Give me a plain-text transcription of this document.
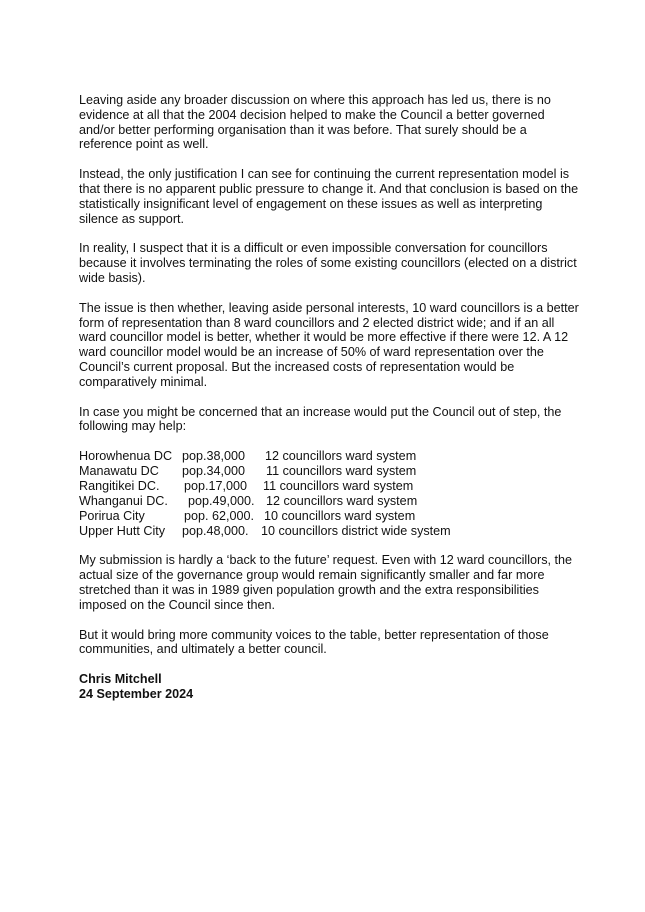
Leaving aside any broader discussion on where this approach has led us, there is no evidence at all that the 2004 decision helped to make the Council a better governed and/or better performing organisation than it was before. That surely should be a reference point as well.

Instead, the only justification I can see for continuing the current representation model is that there is no apparent public pressure to change it. And that conclusion is based on the statistically insignificant level of engagement on these issues as well as interpreting silence as support.

In reality, I suspect that it is a difficult or even impossible conversation for councillors because it involves terminating the roles of some existing councillors (elected on a district wide basis).

The issue is then whether, leaving aside personal interests, 10 ward councillors is a better form of representation than 8 ward councillors and 2 elected district wide; and if an all ward councillor model is better, whether it would be more effective if there were 12. A 12 ward councillor model would be an increase of 50% of ward representation over the Council’s current proposal. But the increased costs of representation would be comparatively minimal.

In case you might be concerned that an increase would put the Council out of step, the following may help:

Horowhenua DC pop.38,000 12 councillors ward system
Manawatu DC pop.34,000 11 councillors ward system
Rangitikei DC. pop.17,000 11 councillors ward system
Whanganui DC. pop.49,000. 12 councillors ward system
Porirua City	pop. 62,000. 10 councillors ward system
Upper Hutt City pop.48,000. 10 councillors district wide system

My submission is hardly a ‘back to the future’ request. Even with 12 ward councillors, the actual size of the governance group would remain significantly smaller and far more stretched than it was in 1989 given population growth and the extra responsibilities imposed on the Council since then.

But it would bring more community voices to the table, better representation of those communities, and ultimately a better council.

Chris Mitchell

24 September 2024
